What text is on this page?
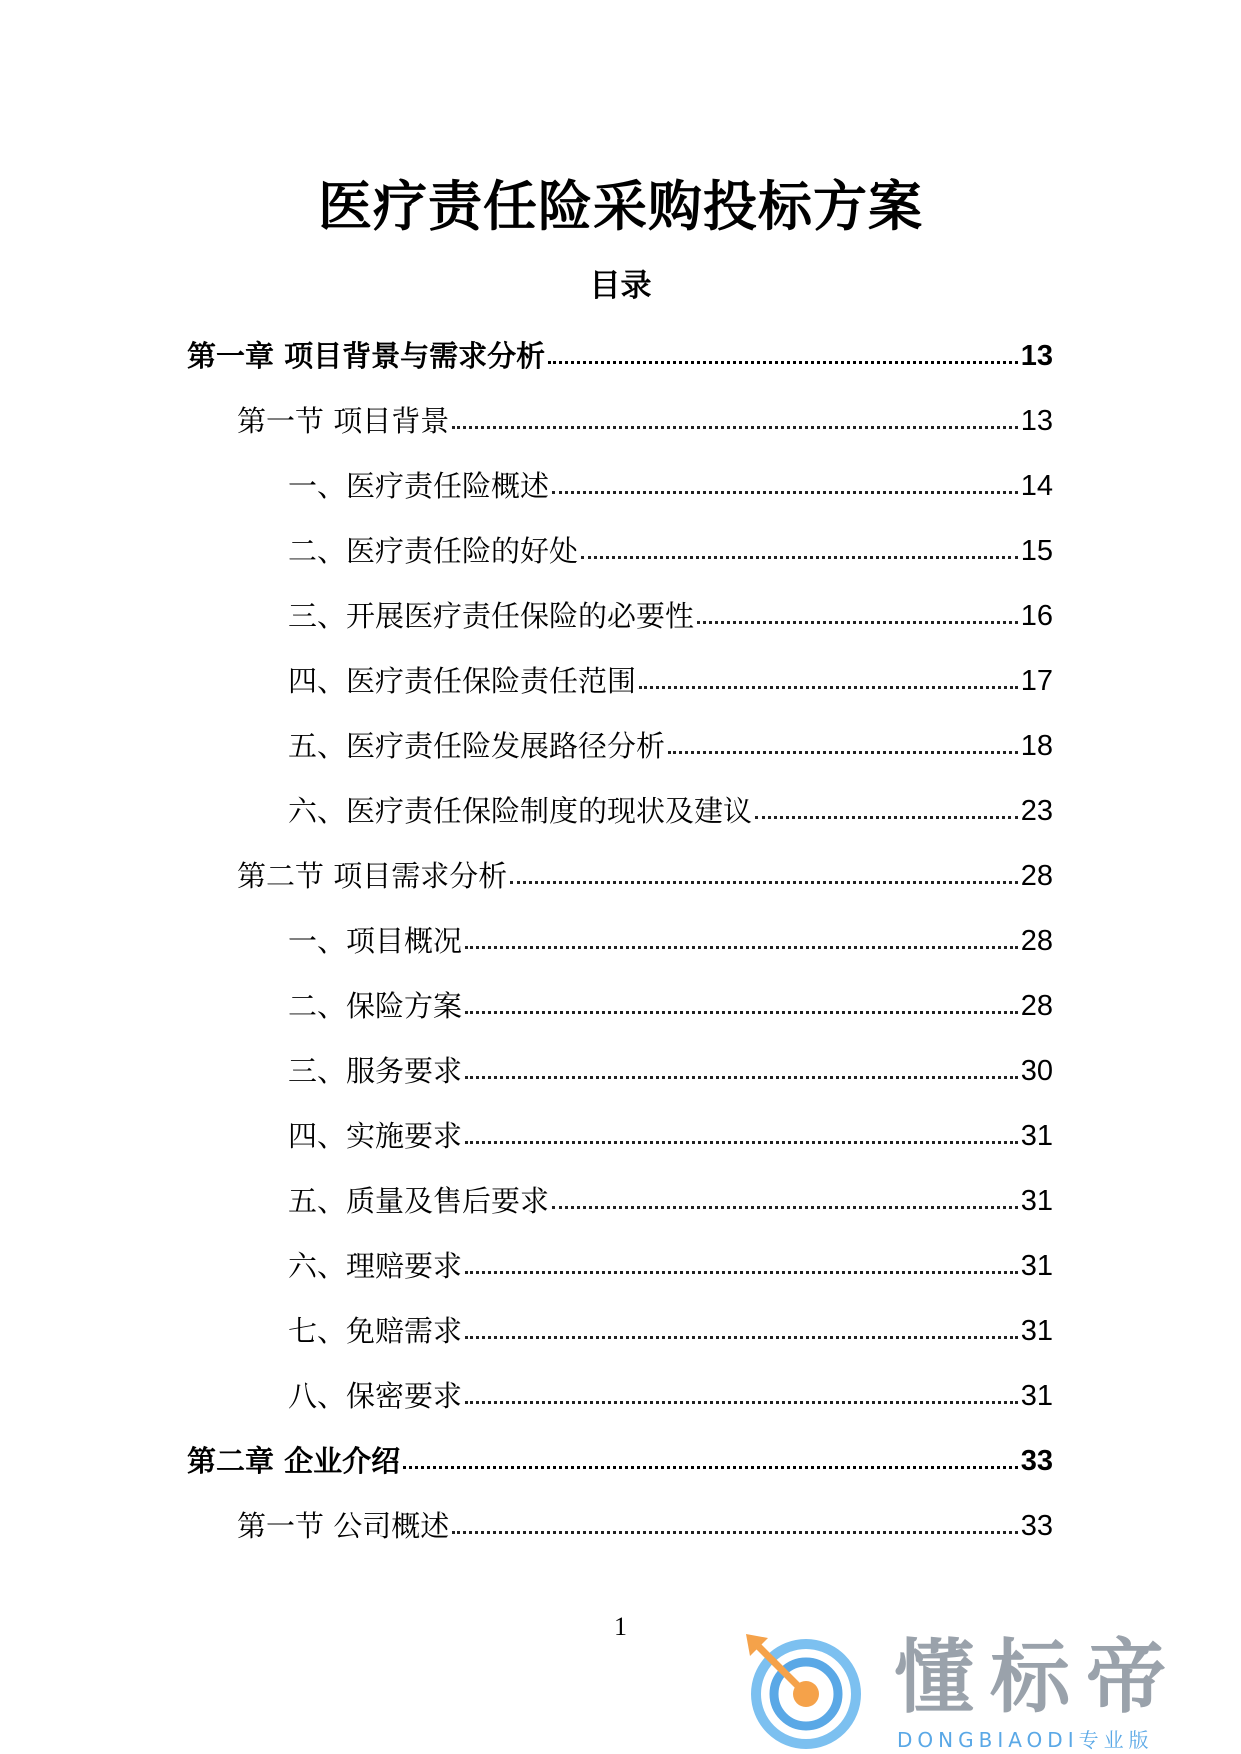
医疗责任险采购投标方案
目录
第一章 项目背景与需求分析	13
第一节 项目背景	13
一、医疗责任险概述	14
二、医疗责任险的好处	15
三、开展医疗责任保险的必要性	16
四、医疗责任保险责任范围	17
五、医疗责任险发展路径分析	18
六、医疗责任保险制度的现状及建议	23
第二节 项目需求分析	28
一、项目概况	28
二、保险方案	28
三、服务要求	30
四、实施要求	31
五、质量及售后要求	31
六、理赔要求	31
七、免赔需求	31
八、保密要求	31
第二章 企业介绍	33
第一节 公司概述	33
1
懂标帝
DONGBIAODI专业版
